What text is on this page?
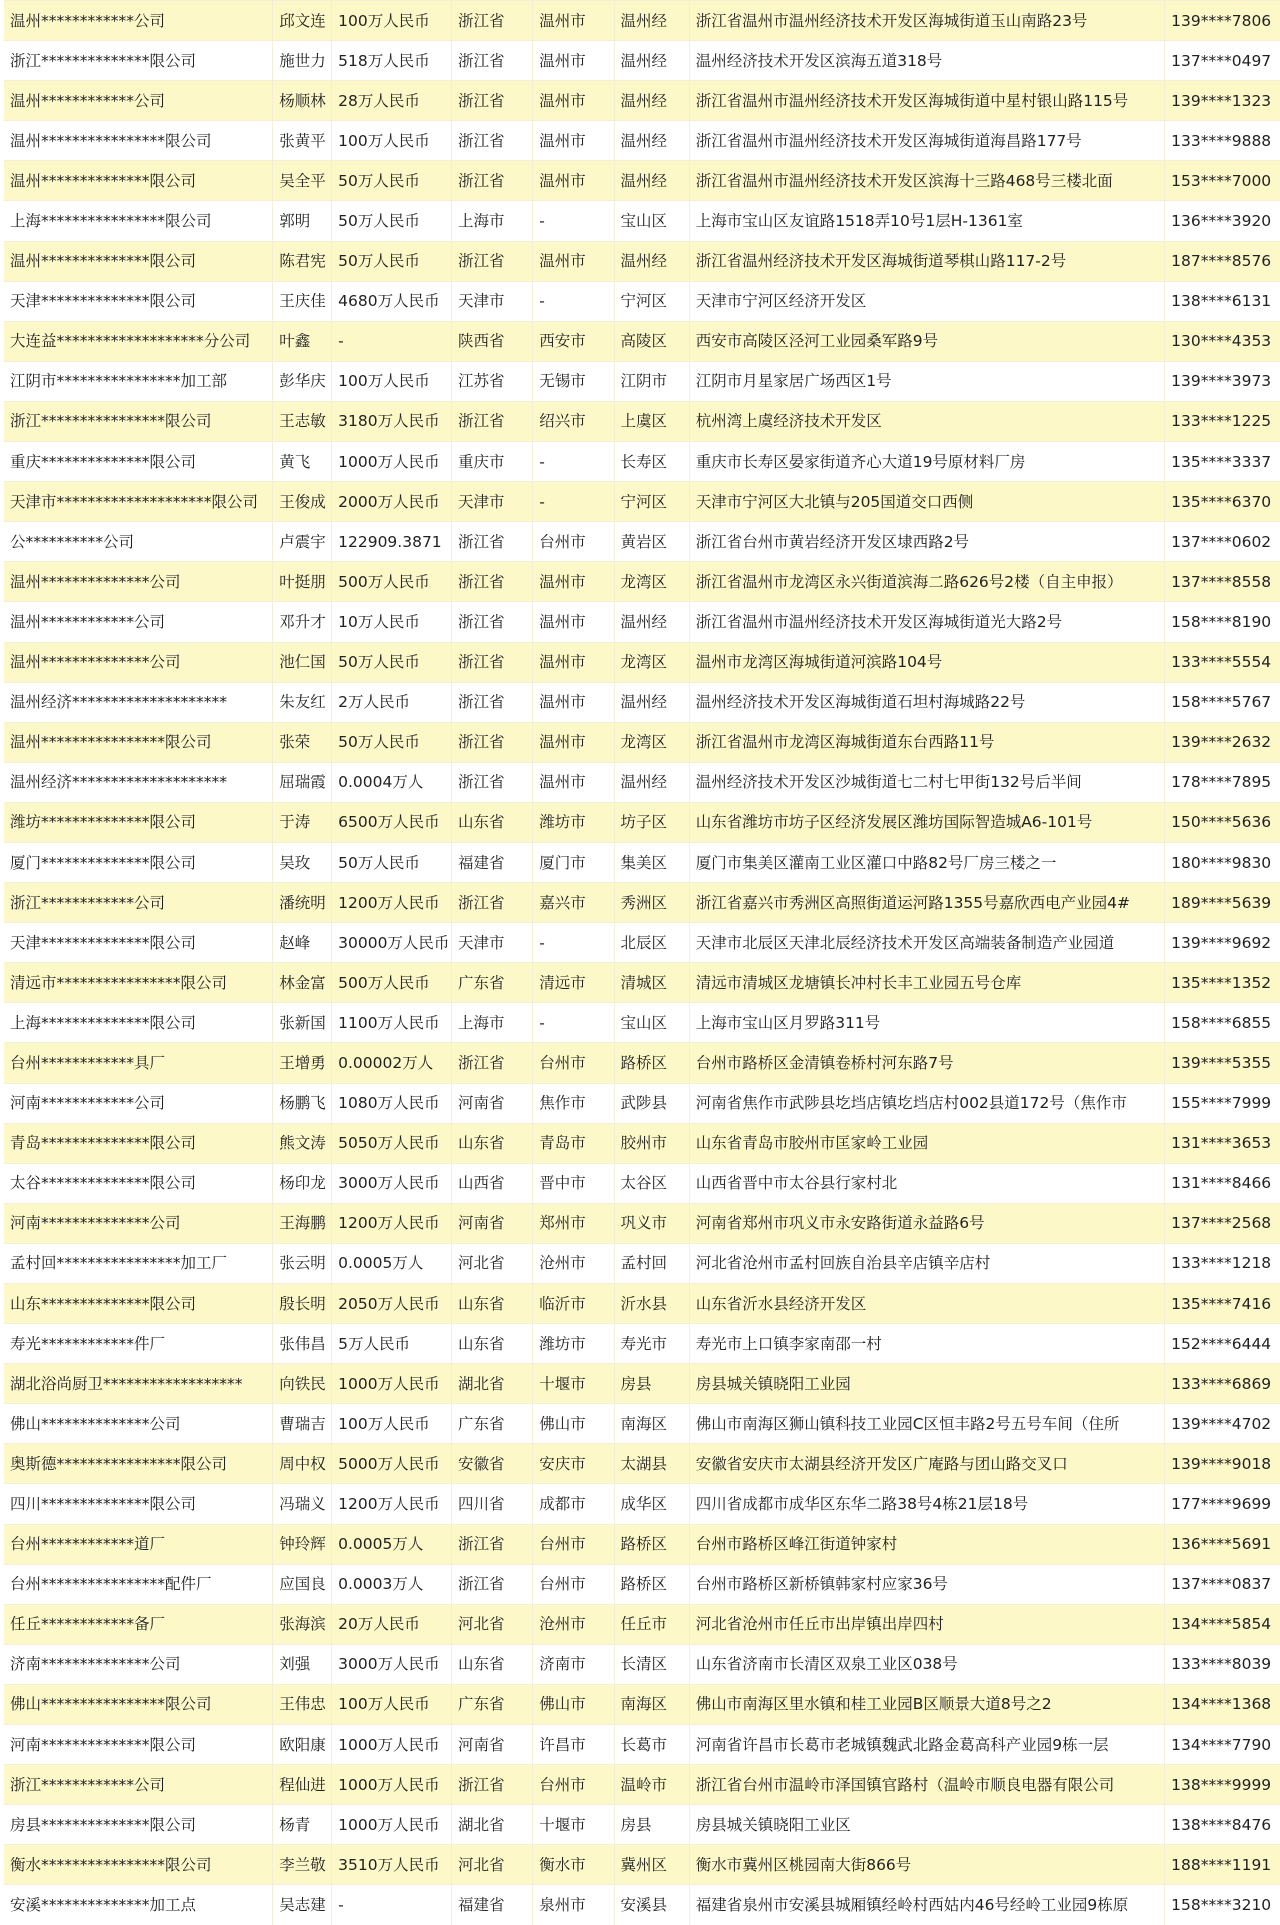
温州************公司	邱文连	100万人民币	浙江省	温州市	温州经	浙江省温州市温州经济技术开发区海城街道玉山南路23号	139****7806
浙江**************限公司	施世力	518万人民币	浙江省	温州市	温州经	温州经济技术开发区滨海五道318号	137****0497
温州************公司	杨顺林	28万人民币	浙江省	温州市	温州经	浙江省温州市温州经济技术开发区海城街道中星村银山路115号	139****1323
温州****************限公司	张黄平	100万人民币	浙江省	温州市	温州经	浙江省温州市温州经济技术开发区海城街道海昌路177号	133****9888
温州**************限公司	吴全平	50万人民币	浙江省	温州市	温州经	浙江省温州市温州经济技术开发区滨海十三路468号三楼北面	153****7000
上海****************限公司	郭明	50万人民币	上海市	-	宝山区	上海市宝山区友谊路1518弄10号1层H-1361室	136****3920
温州**************限公司	陈君宪	50万人民币	浙江省	温州市	温州经	浙江省温州经济技术开发区海城街道琴棋山路117-2号	187****8576
天津**************限公司	王庆佳	4680万人民币	天津市	-	宁河区	天津市宁河区经济开发区	138****6131
大连益*******************分公司	叶鑫	-	陕西省	西安市	高陵区	西安市高陵区泾河工业园桑军路9号	130****4353
江阴市****************加工部	彭华庆	100万人民币	江苏省	无锡市	江阴市	江阴市月星家居广场西区1号	139****3973
浙江****************限公司	王志敏	3180万人民币	浙江省	绍兴市	上虞区	杭州湾上虞经济技术开发区	133****1225
重庆**************限公司	黄飞	1000万人民币	重庆市	-	长寿区	重庆市长寿区晏家街道齐心大道19号原材料厂房	135****3337
天津市********************限公司	王俊成	2000万人民币	天津市	-	宁河区	天津市宁河区大北镇与205国道交口西侧	135****6370
公**********公司	卢震宇	122909.3871	浙江省	台州市	黄岩区	浙江省台州市黄岩经济开发区埭西路2号	137****0602
温州**************公司	叶挺朋	500万人民币	浙江省	温州市	龙湾区	浙江省温州市龙湾区永兴街道滨海二路626号2楼（自主申报）	137****8558
温州************公司	邓升才	10万人民币	浙江省	温州市	温州经	浙江省温州市温州经济技术开发区海城街道光大路2号	158****8190
温州**************公司	池仁国	50万人民币	浙江省	温州市	龙湾区	温州市龙湾区海城街道河滨路104号	133****5554
温州经济********************	朱友红	2万人民币	浙江省	温州市	温州经	温州经济技术开发区海城街道石坦村海城路22号	158****5767
温州****************限公司	张荣	50万人民币	浙江省	温州市	龙湾区	浙江省温州市龙湾区海城街道东台西路11号	139****2632
温州经济********************	屈瑞霞	0.0004万人	浙江省	温州市	温州经	温州经济技术开发区沙城街道七二村七甲街132号后半间	178****7895
潍坊**************限公司	于涛	6500万人民币	山东省	潍坊市	坊子区	山东省潍坊市坊子区经济发展区潍坊国际智造城A6-101号	150****5636
厦门**************限公司	吴玫	50万人民币	福建省	厦门市	集美区	厦门市集美区灌南工业区灌口中路82号厂房三楼之一	180****9830
浙江************公司	潘统明	1200万人民币	浙江省	嘉兴市	秀洲区	浙江省嘉兴市秀洲区高照街道运河路1355号嘉欣西电产业园4#	189****5639
天津**************限公司	赵峰	30000万人民币	天津市	-	北辰区	天津市北辰区天津北辰经济技术开发区高端装备制造产业园道	139****9692
清远市****************限公司	林金富	500万人民币	广东省	清远市	清城区	清远市清城区龙塘镇长冲村长丰工业园五号仓库	135****1352
上海**************限公司	张新国	1100万人民币	上海市	-	宝山区	上海市宝山区月罗路311号	158****6855
台州************具厂	王增勇	0.00002万人	浙江省	台州市	路桥区	台州市路桥区金清镇卷桥村河东路7号	139****5355
河南************公司	杨鹏飞	1080万人民币	河南省	焦作市	武陟县	河南省焦作市武陟县圪垱店镇圪垱店村002县道172号（焦作市	155****7999
青岛**************限公司	熊文涛	5050万人民币	山东省	青岛市	胶州市	山东省青岛市胶州市匡家岭工业园	131****3653
太谷**************限公司	杨印龙	3000万人民币	山西省	晋中市	太谷区	山西省晋中市太谷县行家村北	131****8466
河南**************公司	王海鹏	1200万人民币	河南省	郑州市	巩义市	河南省郑州市巩义市永安路街道永益路6号	137****2568
孟村回****************加工厂	张云明	0.0005万人	河北省	沧州市	孟村回	河北省沧州市孟村回族自治县辛店镇辛店村	133****1218
山东**************限公司	殷长明	2050万人民币	山东省	临沂市	沂水县	山东省沂水县经济开发区	135****7416
寿光************件厂	张伟昌	5万人民币	山东省	潍坊市	寿光市	寿光市上口镇李家南邵一村	152****6444
湖北浴尚厨卫******************	向铁民	1000万人民币	湖北省	十堰市	房县	房县城关镇晓阳工业园	133****6869
佛山**************公司	曹瑞吉	100万人民币	广东省	佛山市	南海区	佛山市南海区狮山镇科技工业园C区恒丰路2号五号车间（住所	139****4702
奥斯德****************限公司	周中权	5000万人民币	安徽省	安庆市	太湖县	安徽省安庆市太湖县经济开发区广庵路与团山路交叉口	139****9018
四川**************限公司	冯瑞义	1200万人民币	四川省	成都市	成华区	四川省成都市成华区东华二路38号4栋21层18号	177****9699
台州************道厂	钟玲辉	0.0005万人	浙江省	台州市	路桥区	台州市路桥区峰江街道钟家村	136****5691
台州****************配件厂	应国良	0.0003万人	浙江省	台州市	路桥区	台州市路桥区新桥镇韩家村应家36号	137****0837
任丘************备厂	张海滨	20万人民币	河北省	沧州市	任丘市	河北省沧州市任丘市出岸镇出岸四村	134****5854
济南**************公司	刘强	3000万人民币	山东省	济南市	长清区	山东省济南市长清区双泉工业区038号	133****8039
佛山****************限公司	王伟忠	100万人民币	广东省	佛山市	南海区	佛山市南海区里水镇和桂工业园B区顺景大道8号之2	134****1368
河南**************限公司	欧阳康	1000万人民币	河南省	许昌市	长葛市	河南省许昌市长葛市老城镇魏武北路金葛高科产业园9栋一层	134****7790
浙江************公司	程仙进	1000万人民币	浙江省	台州市	温岭市	浙江省台州市温岭市泽国镇官路村（温岭市顺良电器有限公司	138****9999
房县**************限公司	杨青	1000万人民币	湖北省	十堰市	房县	房县城关镇晓阳工业区	138****8476
衡水****************限公司	李兰敬	3510万人民币	河北省	衡水市	冀州区	衡水市冀州区桃园南大街866号	188****1191
安溪**************加工点	吴志建	-	福建省	泉州市	安溪县	福建省泉州市安溪县城厢镇经岭村西姑内46号经岭工业园9栋原	158****3210
